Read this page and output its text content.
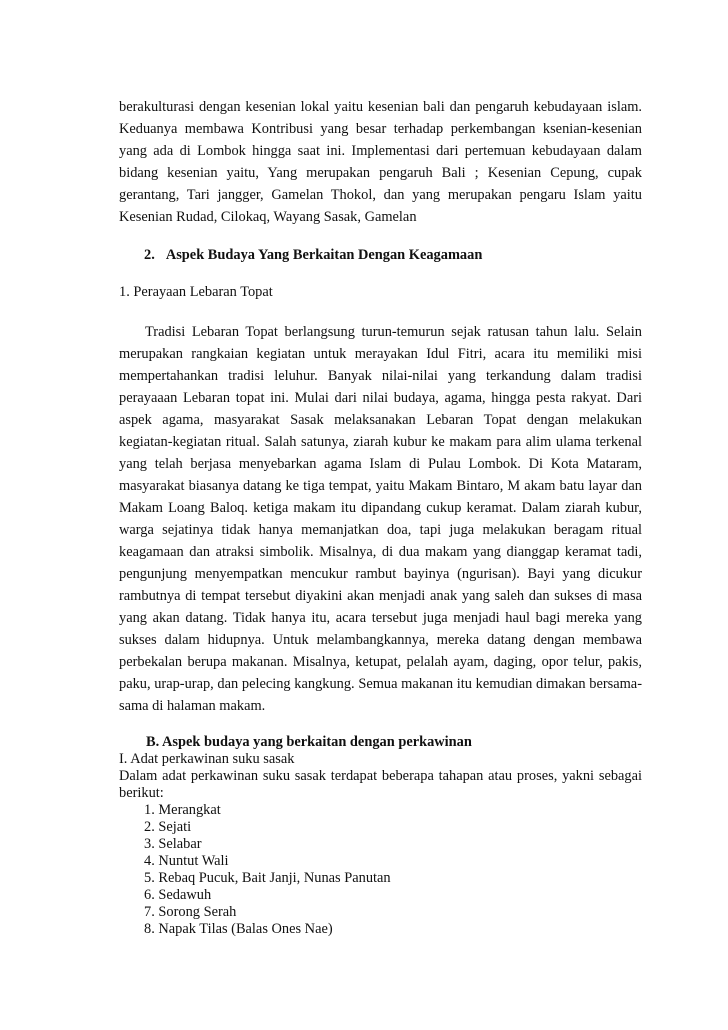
berakulturasi dengan kesenian lokal yaitu kesenian bali dan pengaruh kebudayaan islam. Keduanya membawa Kontribusi yang besar terhadap perkembangan ksenian-kesenian yang ada di Lombok hingga saat ini. Implementasi dari pertemuan kebudayaan dalam bidang kesenian yaitu, Yang merupakan pengaruh Bali ; Kesenian Cepung, cupak gerantang, Tari jangger, Gamelan Thokol, dan yang merupakan pengaru Islam yaitu Kesenian Rudad, Cilokaq, Wayang Sasak, Gamelan

2. Aspek Budaya Yang Berkaitan Dengan Keagamaan

1. Perayaan Lebaran Topat

Tradisi Lebaran Topat berlangsung turun-temurun sejak ratusan tahun lalu. Selain merupakan rangkaian kegiatan untuk merayakan Idul Fitri, acara itu memiliki misi mempertahankan tradisi leluhur. Banyak nilai-nilai yang terkandung dalam tradisi perayaaan Lebaran topat ini. Mulai dari nilai budaya, agama, hingga pesta rakyat. Dari aspek agama, masyarakat Sasak melaksanakan Lebaran Topat dengan melakukan kegiatan-kegiatan ritual. Salah satunya, ziarah kubur ke makam para alim ulama terkenal yang telah berjasa menyebarkan agama Islam di Pulau Lombok. Di Kota Mataram, masyarakat biasanya datang ke tiga tempat, yaitu Makam Bintaro, M akam batu layar dan Makam Loang Baloq. ketiga makam itu dipandang cukup keramat. Dalam ziarah kubur, warga sejatinya tidak hanya memanjatkan doa, tapi juga melakukan beragam ritual keagamaan dan atraksi simbolik. Misalnya, di dua makam yang dianggap keramat tadi, pengunjung menyempatkan mencukur rambut bayinya (ngurisan). Bayi yang dicukur rambutnya di tempat tersebut diyakini akan menjadi anak yang saleh dan sukses di masa yang akan datang. Tidak hanya itu, acara tersebut juga menjadi haul bagi mereka yang sukses dalam hidupnya. Untuk melambangkannya, mereka datang dengan membawa perbekalan berupa makanan. Misalnya, ketupat, pelalah ayam, daging, opor telur, pakis, paku, urap-urap, dan pelecing kangkung. Semua makanan itu kemudian dimakan bersama-sama di halaman makam.

B. Aspek budaya yang berkaitan dengan perkawinan

I. Adat perkawinan suku sasak

Dalam adat perkawinan suku sasak terdapat beberapa tahapan atau proses, yakni sebagai berikut:

1. Merangkat
2. Sejati
3. Selabar
4. Nuntut Wali
5. Rebaq Pucuk, Bait Janji, Nunas Panutan
6. Sedawuh
7. Sorong Serah
8. Napak Tilas (Balas Ones Nae)
